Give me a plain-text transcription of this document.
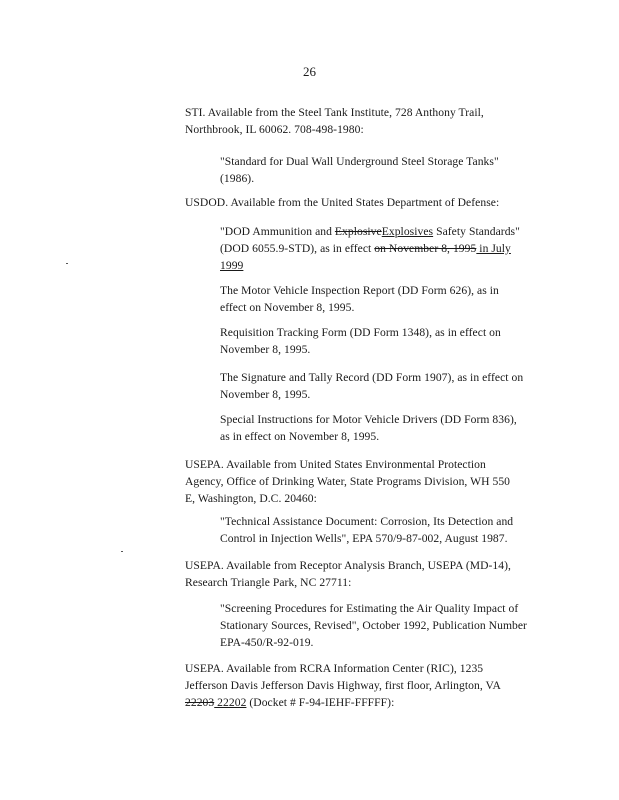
26
STI. Available from the Steel Tank Institute, 728 Anthony Trail,
Northbrook, IL 60062. 708-498-1980:
"Standard for Dual Wall Underground Steel Storage Tanks"
(1986).
USDOD. Available from the United States Department of Defense:
"DOD Ammunition and ExplosiveExplosives Safety Standards"
(DOD 6055.9-STD), as in effect on November 8, 1995 in July
1999
The Motor Vehicle Inspection Report (DD Form 626), as in
effect on November 8, 1995.
Requisition Tracking Form (DD Form 1348), as in effect on
November 8, 1995.
The Signature and Tally Record (DD Form 1907), as in effect on
November 8, 1995.
Special Instructions for Motor Vehicle Drivers (DD Form 836),
as in effect on November 8, 1995.
USEPA. Available from United States Environmental Protection
Agency, Office of Drinking Water, State Programs Division, WH 550
E, Washington, D.C. 20460:
"Technical Assistance Document: Corrosion, Its Detection and
Control in Injection Wells", EPA 570/9-87-002, August 1987.
USEPA. Available from Receptor Analysis Branch, USEPA (MD-14),
Research Triangle Park, NC 27711:
"Screening Procedures for Estimating the Air Quality Impact of
Stationary Sources, Revised", October 1992, Publication Number
EPA-450/R-92-019.
USEPA. Available from RCRA Information Center (RIC), 1235
Jefferson Davis Jefferson Davis Highway, first floor, Arlington, VA
22203 22202 (Docket # F-94-IEHF-FFFFF):
